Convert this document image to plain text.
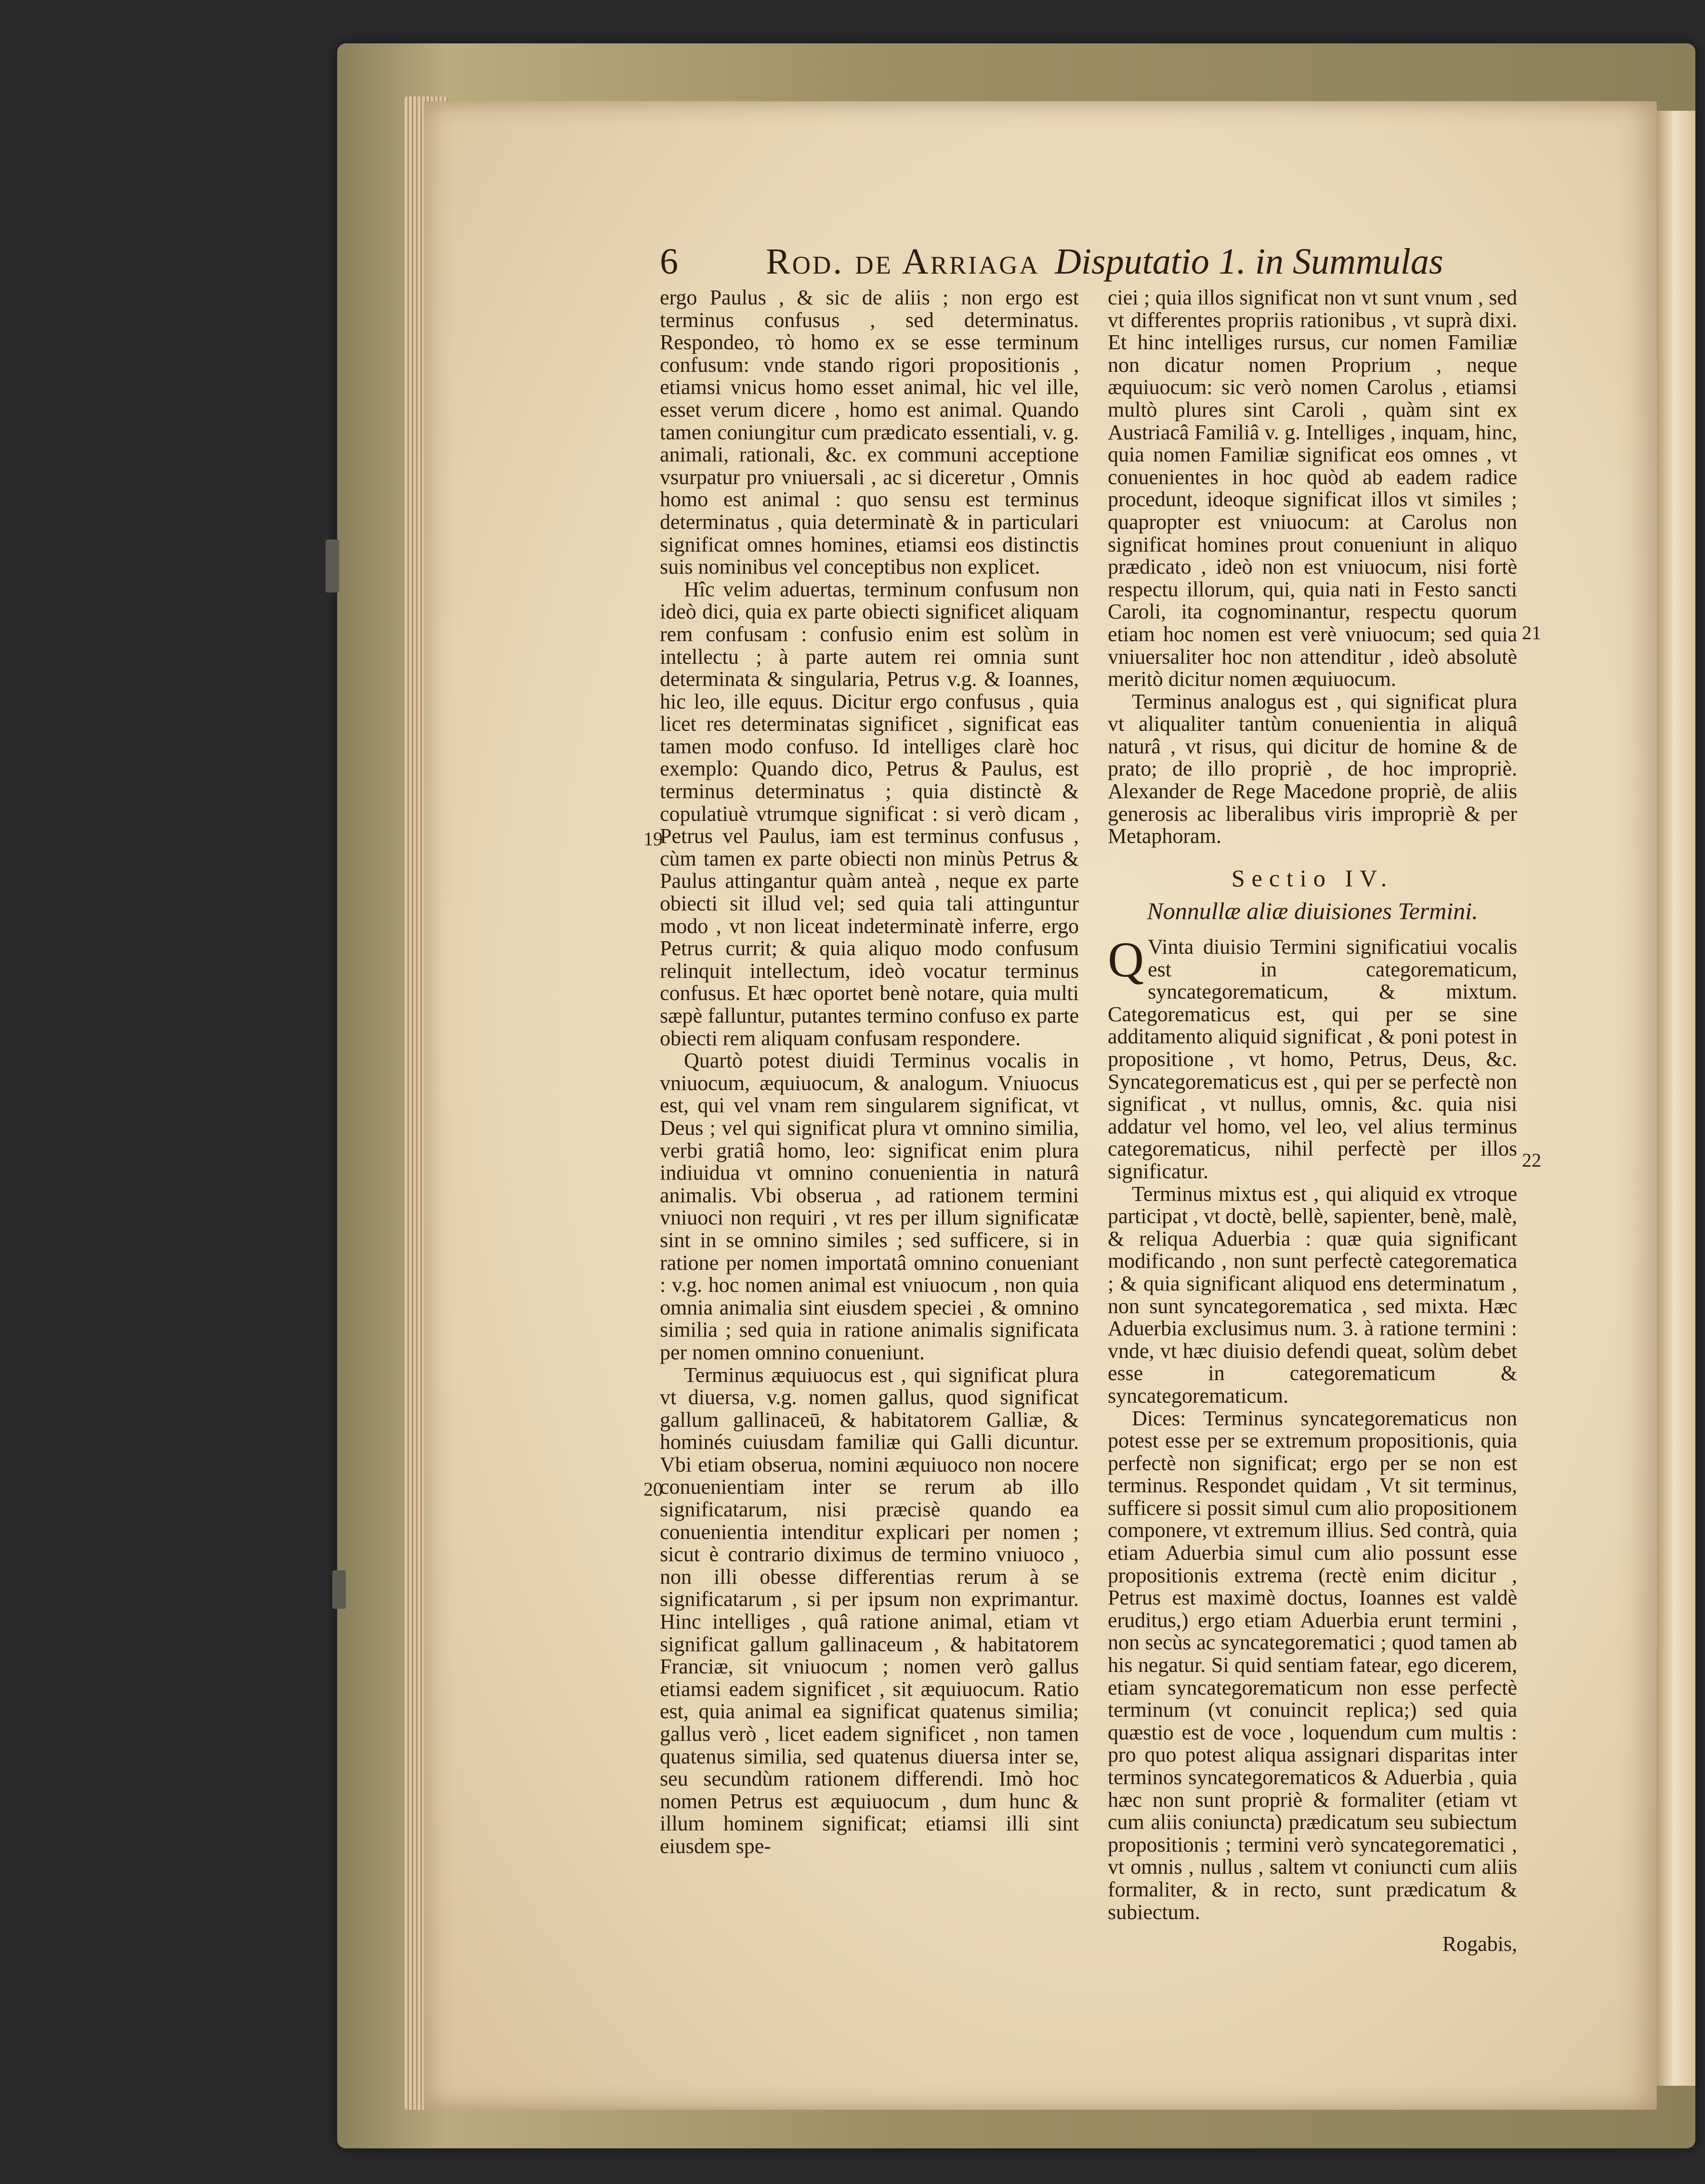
6 Rod. de Arriaga Disputatio 1. in Summulas

ergo Paulus , & sic de aliis ; non ergo est terminus confusus , sed determinatus. Respondeo, τὸ homo ex se esse terminum confusum: vnde stando rigori propositionis , etiamsi vnicus homo esset animal, hic vel ille, esset verum dicere , homo est animal. Quando tamen coniungitur cum prædicato essentiali, v. g. animali, rationali, &c. ex communi acceptione vsurpatur pro vniuersali , ac si diceretur , Omnis homo est animal : quo sensu est terminus determinatus , quia determinatè & in particulari significat omnes homines, etiamsi eos distinctis suis nominibus vel conceptibus non explicet.

Hîc velim aduertas, terminum confusum non ideò dici, quia ex parte obiecti significet aliquam rem confusam : confusio enim est solùm in intellectu ; à parte autem rei omnia sunt determinata & singularia, Petrus v.g. & Ioannes, hic leo, ille equus. Dicitur ergo confusus , quia licet res determinatas significet , significat eas tamen modo confuso. Id intelliges clarè hoc exemplo: Quando dico, Petrus & Paulus, est terminus determinatus ; quia distinctè & copulatiuè vtrumque significat : si verò dicam , Petrus vel Paulus, iam est terminus confusus , cùm tamen ex parte obiecti non minùs Petrus & Paulus attingantur quàm anteà , neque ex parte obiecti sit illud vel; sed quia tali attinguntur modo , vt non liceat indeterminatè inferre, ergo Petrus currit; & quia aliquo modo confusum relinquit intellectum, ideò vocatur terminus confusus. Et hæc oportet benè notare, quia multi sæpè falluntur, putantes termino confuso ex parte obiecti rem aliquam confusam respondere.

Quartò potest diuidi Terminus vocalis in vniuocum, æquiuocum, & analogum. Vniuocus est, qui vel vnam rem singularem significat, vt Deus ; vel qui significat plura vt omnino similia, verbi gratiâ homo, leo: significat enim plura indiuidua vt omnino conuenientia in naturâ animalis. Vbi obserua , ad rationem termini vniuoci non requiri , vt res per illum significatæ sint in se omnino similes ; sed sufficere, si in ratione per nomen importatâ omnino conueniant : v.g. hoc nomen animal est vniuocum , non quia omnia animalia sint eiusdem speciei , & omnino similia ; sed quia in ratione animalis significata per nomen omnino conueniunt.

Terminus æquiuocus est , qui significat plura vt diuersa, v.g. nomen gallus, quod significat gallum gallinaceū, & habitatorem Galliæ, & hominés cuiusdam familiæ qui Galli dicuntur. Vbi etiam obserua, nomini æquiuoco non nocere conuenientiam inter se rerum ab illo significatarum, nisi præcisè quando ea conuenientia intenditur explicari per nomen ; sicut è contrario diximus de termino vniuoco , non illi obesse differentias rerum à se significatarum , si per ipsum non exprimantur. Hinc intelliges , quâ ratione animal, etiam vt significat gallum gallinaceum , & habitatorem Franciæ, sit vniuocum ; nomen verò gallus etiamsi eadem significet , sit æquiuocum. Ratio est, quia animal ea significat quatenus similia; gallus verò , licet eadem significet , non tamen quatenus similia, sed quatenus diuersa inter se, seu secundùm rationem differendi. Imò hoc nomen Petrus est æquiuocum , dum hunc & illum hominem significat; etiamsi illi sint eiusdem spe-

ciei ; quia illos significat non vt sunt vnum , sed vt differentes propriis rationibus , vt suprà dixi. Et hinc intelliges rursus, cur nomen Familiæ non dicatur nomen Proprium , neque æquiuocum: sic verò nomen Carolus , etiamsi multò plures sint Caroli , quàm sint ex Austriacâ Familiâ v. g. Intelliges , inquam, hinc, quia nomen Familiæ significat eos omnes , vt conuenientes in hoc quòd ab eadem radice procedunt, ideoque significat illos vt similes ; quapropter est vniuocum: at Carolus non significat homines prout conueniunt in aliquo prædicato , ideò non est vniuocum, nisi fortè respectu illorum, qui, quia nati in Festo sancti Caroli, ita cognominantur, respectu quorum etiam hoc nomen est verè vniuocum; sed quia vniuersaliter hoc non attenditur , ideò absolutè meritò dicitur nomen æquiuocum.

Terminus analogus est , qui significat plura vt aliqualiter tantùm conuenientia in aliquâ naturâ , vt risus, qui dicitur de homine & de prato; de illo propriè , de hoc impropriè. Alexander de Rege Macedone propriè, de aliis generosis ac liberalibus viris impropriè & per Metaphoram.

Sectio IV.
Nonnullæ aliæ diuisiones Termini.

Q Vinta diuisio Termini significatiui vocalis est in categorematicum, syncategorematicum, & mixtum. Categorematicus est, qui per se sine additamento aliquid significat , & poni potest in propositione , vt homo, Petrus, Deus, &c. Syncategorematicus est , qui per se perfectè non significat , vt nullus, omnis, &c. quia nisi addatur vel homo, vel leo, vel alius terminus categorematicus, nihil perfectè per illos significatur.

Terminus mixtus est , qui aliquid ex vtroque participat , vt doctè, bellè, sapienter, benè, malè, & reliqua Aduerbia : quæ quia significant modificando , non sunt perfectè categorematica ; & quia significant aliquod ens determinatum , non sunt syncategorematica , sed mixta. Hæc Aduerbia exclusimus num. 3. à ratione termini : vnde, vt hæc diuisio defendi queat, solùm debet esse in categorematicum & syncategorematicum.

Dices: Terminus syncategorematicus non potest esse per se extremum propositionis, quia perfectè non significat; ergo per se non est terminus. Respondet quidam , Vt sit terminus, sufficere si possit simul cum alio propositionem componere, vt extremum illius. Sed contrà, quia etiam Aduerbia simul cum alio possunt esse propositionis extrema (rectè enim dicitur , Petrus est maximè doctus, Ioannes est valdè eruditus,) ergo etiam Aduerbia erunt termini , non secùs ac syncategorematici ; quod tamen ab his negatur. Si quid sentiam fatear, ego dicerem, etiam syncategorematicum non esse perfectè terminum (vt conuincit replica;) sed quia quæstio est de voce , loquendum cum multis : pro quo potest aliqua assignari disparitas inter terminos syncategorematicos & Aduerbia , quia hæc non sunt propriè & formaliter (etiam vt cum aliis coniuncta) prædicatum seu subiectum propositionis ; termini verò syncategorematici , vt omnis , nullus , saltem vt coniuncti cum aliis formaliter, & in recto, sunt prædicatum & subiectum.

Rogabis,
19
20
21
22
